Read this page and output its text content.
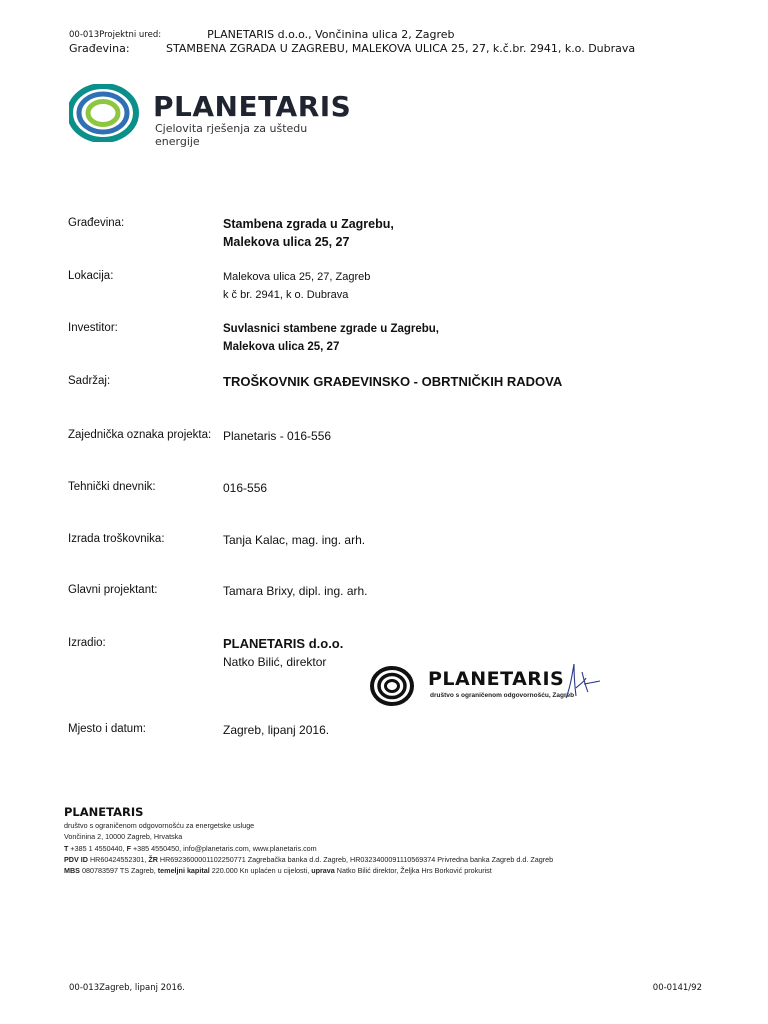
00-013 Projektni ured:	PLANETARIS d.o.o., Vončinina ulica 2, Zagreb
Građevina:	STAMBENA ZGRADA U ZAGREBU, MALEKOVA ULICA 25, 27, k.č.br. 2941, k.o. Dubrava
PLANETARIS
Cjelovita rješenja za uštedu energije
Građevina:	Stambena zgrada u Zagrebu,
Malekova ulica 25, 27
Lokacija:	Malekova ulica 25, 27, Zagreb
k č br. 2941, k o. Dubrava
Investitor:	Suvlasnici stambene zgrade u Zagrebu,
Malekova ulica 25, 27
Sadržaj:	TROŠKOVNIK GRAĐEVINSKO - OBRTNIČKIH RADOVA
Zajednička oznaka projekta: Planetaris - 016-556
Tehnički dnevnik:	016-556
Izrada troškovnika:	Tanja Kalac, mag. ing. arh.
Glavni projektant:	Tamara Brixy, dipl. ing. arh.
Izradio:	PLANETARIS d.o.o.
Natko Bilić, direktor
PLANETARIS
društvo s ograničenom odgovornošću, Zagreb
Mjesto i datum:	Zagreb, lipanj 2016.
PLANETARIS
društvo s ograničenom odgovornošću za energetske usluge
Vončinina 2, 10000 Zagreb, Hrvatska
T +385 1 4550440, F +385 4550450, info@planetaris.com, www.planetaris.com
PDV ID HR60424552301, ŽR HR6923600001102250771 Zagrebačka banka d.d. Zagreb, HR0323400091110569374 Privredna banka Zagreb d.d. Zagreb
MBS 080783597 TS Zagreb, temeljni kapital 220.000 Kn uplaćen u cijelosti, uprava Natko Bilić direktor, Željka Hrs Borković prokurist
00-013Zagreb, lipanj 2016.	00-0141/92
